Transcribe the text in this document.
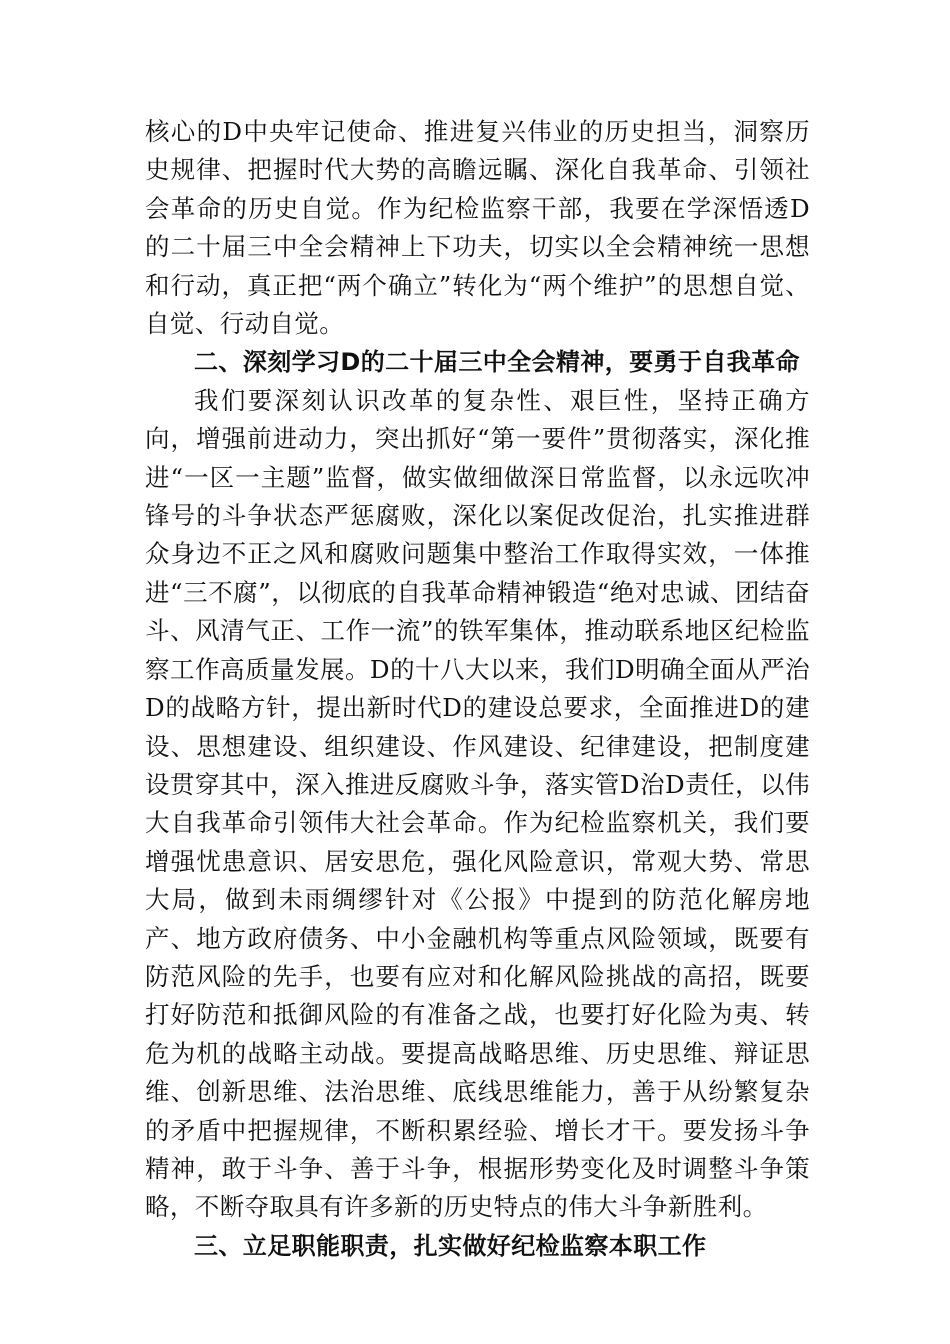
核心的D中央牢记使命、推进复兴伟业的历史担当，洞察历史规律、把握时代大势的高瞻远瞩、深化自我革命、引领社会革命的历史自觉。作为纪检监察干部，我要在学深悟透D的二十届三中全会精神上下功夫，切实以全会精神统一思想和行动，真正把“两个确立”转化为“两个维护”的思想自觉、自觉、行动自觉。

二、深刻学习D的二十届三中全会精神，要勇于自我革命

我们要深刻认识改革的复杂性、艰巨性，坚持正确方向，增强前进动力，突出抓好“第一要件”贯彻落实，深化推进“一区一主题”监督，做实做细做深日常监督，以永远吹冲锋号的斗争状态严惩腐败，深化以案促改促治，扎实推进群众身边不正之风和腐败问题集中整治工作取得实效，一体推进“三不腐”，以彻底的自我革命精神锻造“绝对忠诚、团结奋斗、风清气正、工作一流”的铁军集体，推动联系地区纪检监察工作高质量发展。D的十八大以来，我们D明确全面从严治D的战略方针，提出新时代D的建设总要求，全面推进D的建设、思想建设、组织建设、作风建设、纪律建设，把制度建设贯穿其中，深入推进反腐败斗争，落实管D治D责任，以伟大自我革命引领伟大社会革命。作为纪检监察机关，我们要增强忧患意识、居安思危，强化风险意识，常观大势、常思大局，做到未雨绸缪针对《公报》中提到的防范化解房地产、地方政府债务、中小金融机构等重点风险领域，既要有防范风险的先手，也要有应对和化解风险挑战的高招，既要打好防范和抵御风险的有准备之战，也要打好化险为夷、转危为机的战略主动战。要提高战略思维、历史思维、辩证思维、创新思维、法治思维、底线思维能力，善于从纷繁复杂的矛盾中把握规律，不断积累经验、增长才干。要发扬斗争精神，敢于斗争、善于斗争，根据形势变化及时调整斗争策略，不断夺取具有许多新的历史特点的伟大斗争新胜利。

三、立足职能职责，扎实做好纪检监察本职工作
